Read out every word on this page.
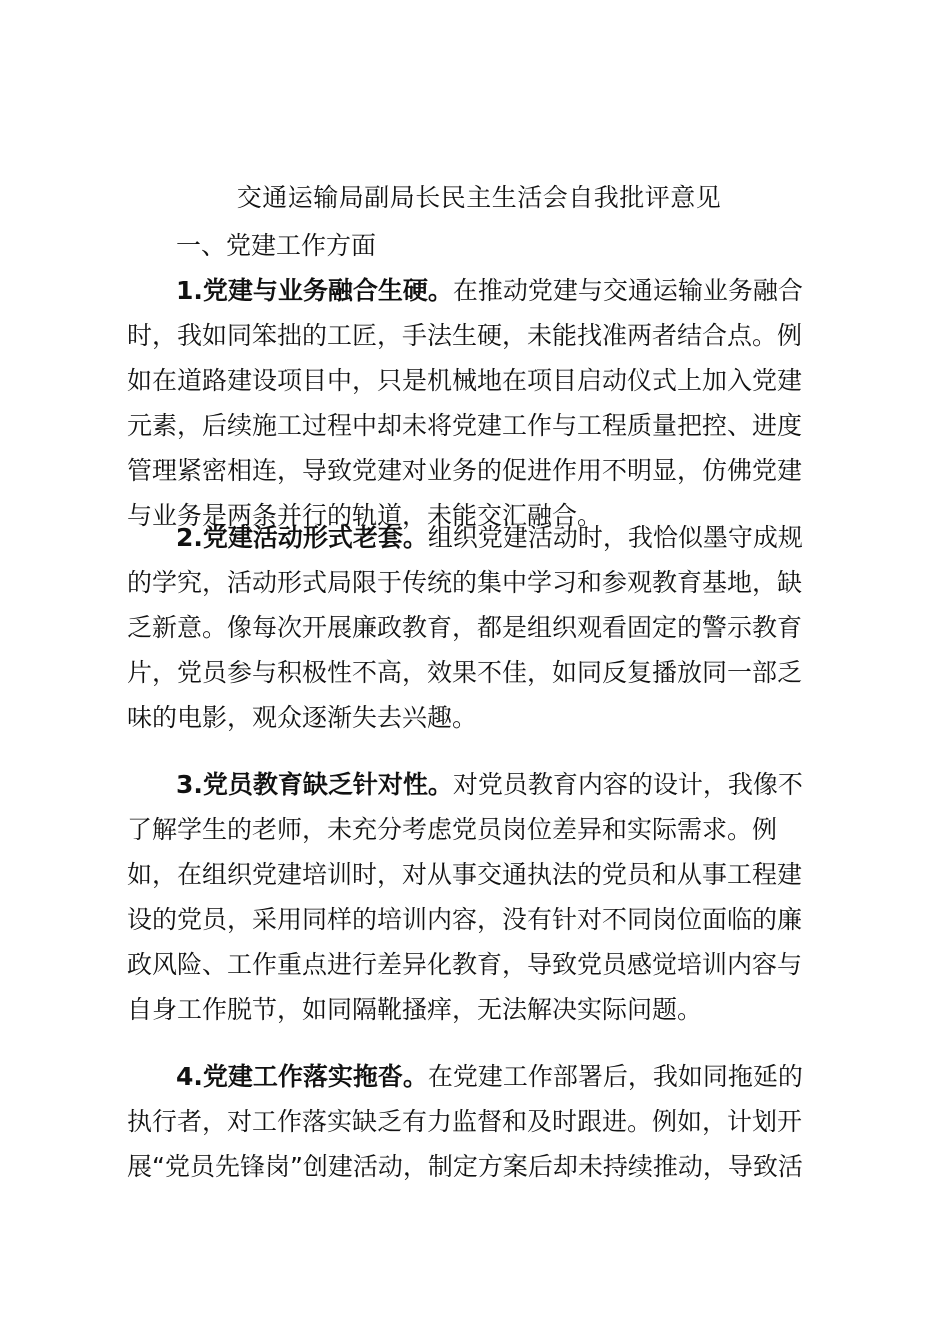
交通运输局副局长民主生活会自我批评意见
一、党建工作方面
1.党建与业务融合生硬。在推动党建与交通运输业务融合
时，我如同笨拙的工匠，手法生硬，未能找准两者结合点。例
如在道路建设项目中，只是机械地在项目启动仪式上加入党建
元素，后续施工过程中却未将党建工作与工程质量把控、进度
管理紧密相连，导致党建对业务的促进作用不明显，仿佛党建
与业务是两条并行的轨道，未能交汇融合。
2.党建活动形式老套。组织党建活动时，我恰似墨守成规
的学究，活动形式局限于传统的集中学习和参观教育基地，缺
乏新意。像每次开展廉政教育，都是组织观看固定的警示教育
片，党员参与积极性不高，效果不佳，如同反复播放同一部乏
味的电影，观众逐渐失去兴趣。
3.党员教育缺乏针对性。对党员教育内容的设计，我像不
了解学生的老师，未充分考虑党员岗位差异和实际需求。例
如，在组织党建培训时，对从事交通执法的党员和从事工程建
设的党员，采用同样的培训内容，没有针对不同岗位面临的廉
政风险、工作重点进行差异化教育，导致党员感觉培训内容与
自身工作脱节，如同隔靴搔痒，无法解决实际问题。
4.党建工作落实拖沓。在党建工作部署后，我如同拖延的
执行者，对工作落实缺乏有力监督和及时跟进。例如，计划开
展“党员先锋岗”创建活动，制定方案后却未持续推动，导致活
